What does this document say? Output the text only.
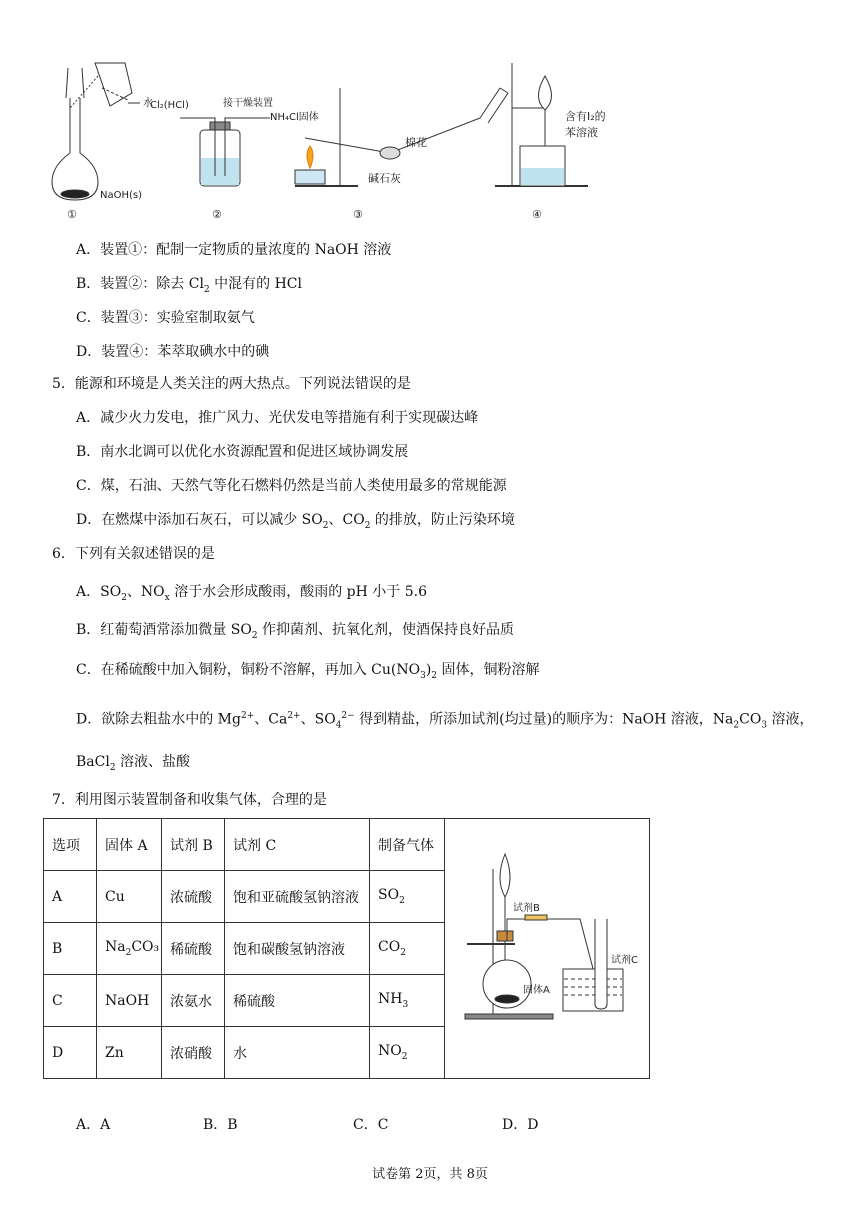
水
NaOH(s)
①
Cl₂(HCl)	接干燥装置
②
NH₄Cl固体
棉花
碱石灰
③
含有I₂的
苯溶液
④
A．装置①：配制一定物质的量浓度的 NaOH 溶液
B．装置②：除去 $Cl_2$ 中混有的 HCl
C．装置③：实验室制取氨气
D．装置④：苯萃取碘水中的碘
5．能源和环境是人类关注的两大热点。下列说法错误的是
A．减少火力发电，推广风力、光伏发电等措施有利于实现碳达峰
B．南水北调可以优化水资源配置和促进区域协调发展
C．煤，石油、天然气等化石燃料仍然是当前人类使用最多的常规能源
D．在燃煤中添加石灰石，可以减少 $SO_2$、$CO_2$ 的排放，防止污染环境
6．下列有关叙述错误的是
A．$SO_2$、$NO_x$ 溶于水会形成酸雨，酸雨的 pH 小于 5.6
B．红葡萄酒常添加微量 $SO_2$ 作抑菌剂、抗氧化剂，使酒保持良好品质
C．在稀硫酸中加入铜粉，铜粉不溶解，再加入 $Cu(NO_3)_2$ 固体，铜粉溶解
D．欲除去粗盐水中的 $Mg^{2+}$、$Ca^{2+}$、$SO_4^{2-}$ 得到精盐，所添加试剂(均过量)的顺序为：NaOH 溶液，$Na_2CO_3$ 溶液，
BaCl$_2$ 溶液、盐酸
7．利用图示装置制备和收集气体，合理的是
选项	固体 A	试剂 B	试剂 C	制备气体	试剂B
试剂C
固体A

A	Cu	浓硫酸	饱和亚硫酸氢钠溶液	$SO_2$
B	$Na_2CO_3$	稀硫酸	饱和碳酸氢钠溶液	$CO_2$
C	NaOH	浓氨水	稀硫酸	$NH_3$
D	Zn	浓硝酸	水	$NO_2$
A．A	B．B	C．C	D．D
试卷第 2页，共 8页
